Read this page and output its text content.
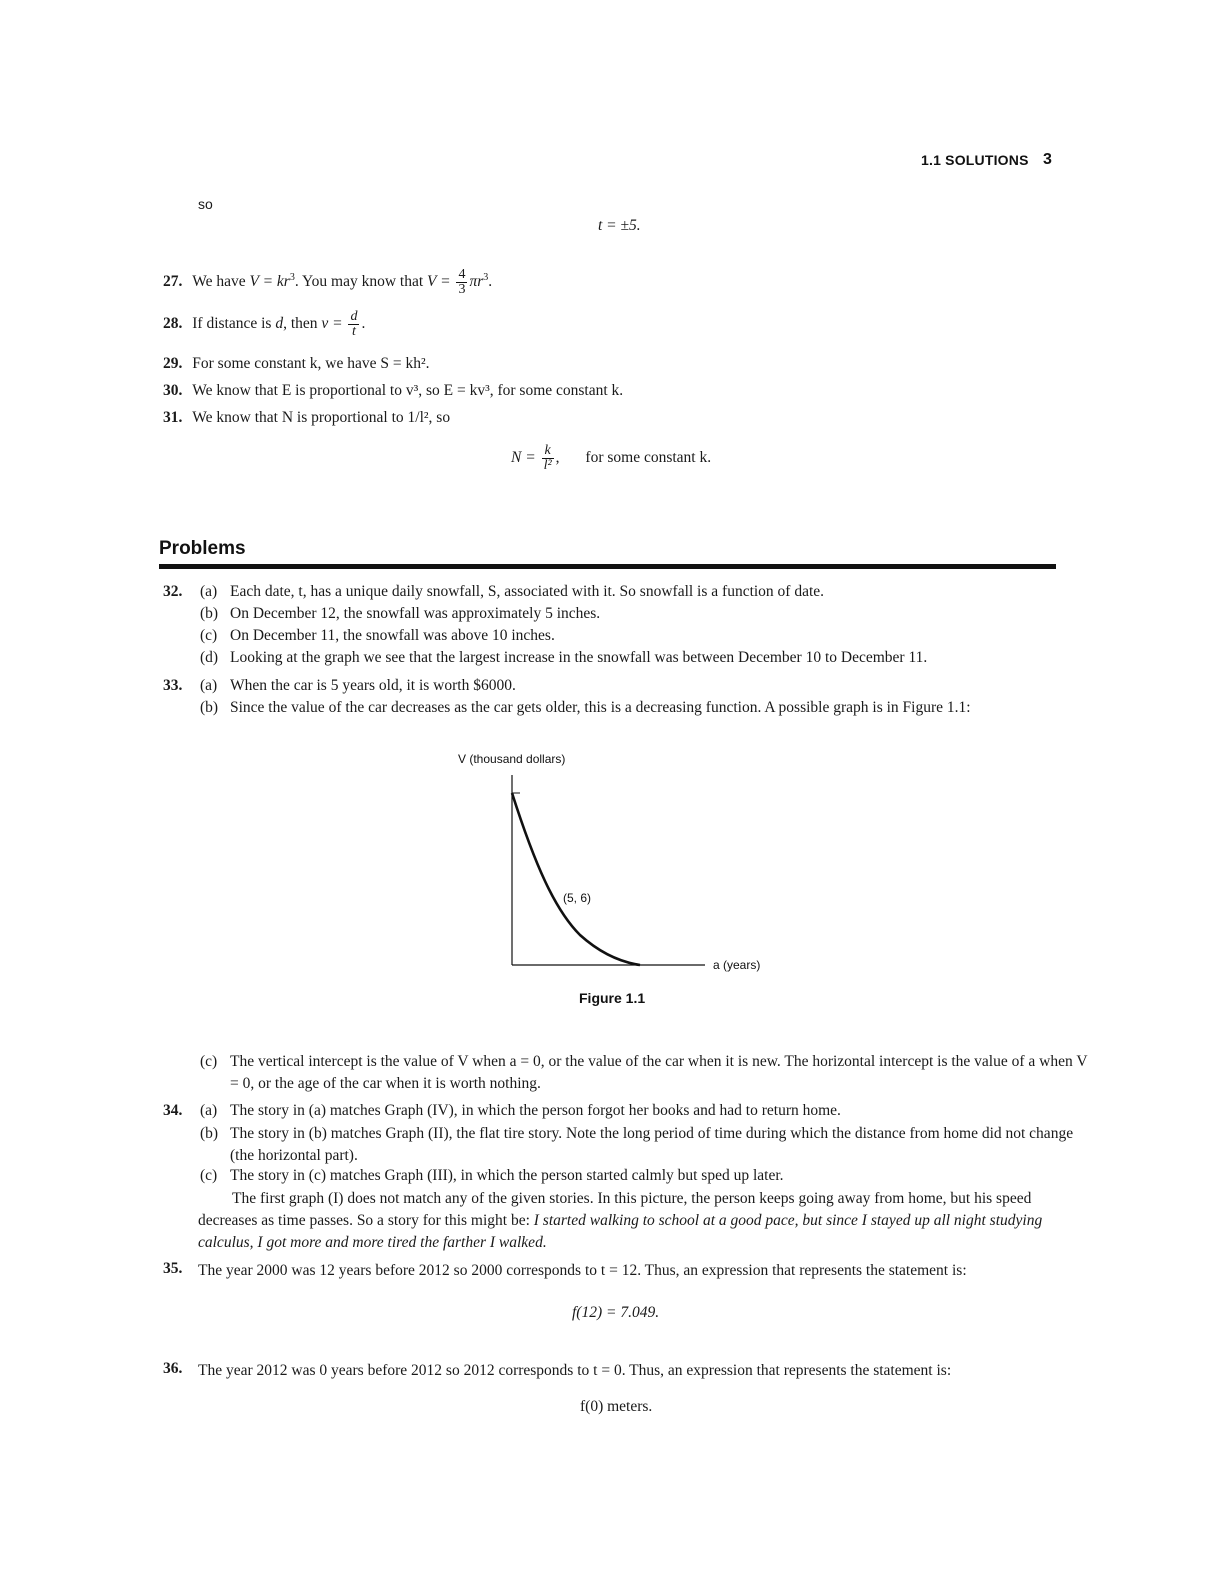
1.1 SOLUTIONS 3
so
t = ±5.
27. We have $V = kr^3$. You may know that $V = \frac{4}{3} \pi r^3$.
28. If distance is d, then $v = \frac{d}{t}$ .
29. For some constant k, we have S = kh².
30. We know that E is proportional to v³, so E = kv³, for some constant k.
31. We know that N is proportional to 1/l², so
$N = \frac{k}{\text{l²}}$ , for some constant k.
Problems
32. (a) Each date, t, has a unique daily snowfall, S, associated with it. So snowfall is a function of date.
(b) On December 12, the snowfall was approximately 5 inches.
(c) On December 11, the snowfall was above 10 inches.
(d) Looking at the graph we see that the largest increase in the snowfall was between December 10 to December 11.
33. (a) When the car is 5 years old, it is worth $6000.
(b) Since the value of the car decreases as the car gets older, this is a decreasing function. A possible graph is in Figure 1.1:
V (thousand dollars)
(5, 6)
a (years)
Figure 1.1
(c) The vertical intercept is the value of V when a = 0, or the value of the car when it is new. The horizontal intercept is the value of a when V = 0, or the age of the car when it is worth nothing.
34. (a) The story in (a) matches Graph (IV), in which the person forgot her books and had to return home.
(b) The story in (b) matches Graph (II), the flat tire story. Note the long period of time during which the distance from home did not change (the horizontal part).
(c) The story in (c) matches Graph (III), in which the person started calmly but sped up later.
The first graph (I) does not match any of the given stories. In this picture, the person keeps going away from home, but his speed decreases as time passes. So a story for this might be: I started walking to school at a good pace, but since I stayed up all night studying calculus, I got more and more tired the farther I walked.
35. The year 2000 was 12 years before 2012 so 2000 corresponds to t = 12. Thus, an expression that represents the statement is:
f(12) = 7.049.
36. The year 2012 was 0 years before 2012 so 2012 corresponds to t = 0. Thus, an expression that represents the statement is:
f(0) meters.
